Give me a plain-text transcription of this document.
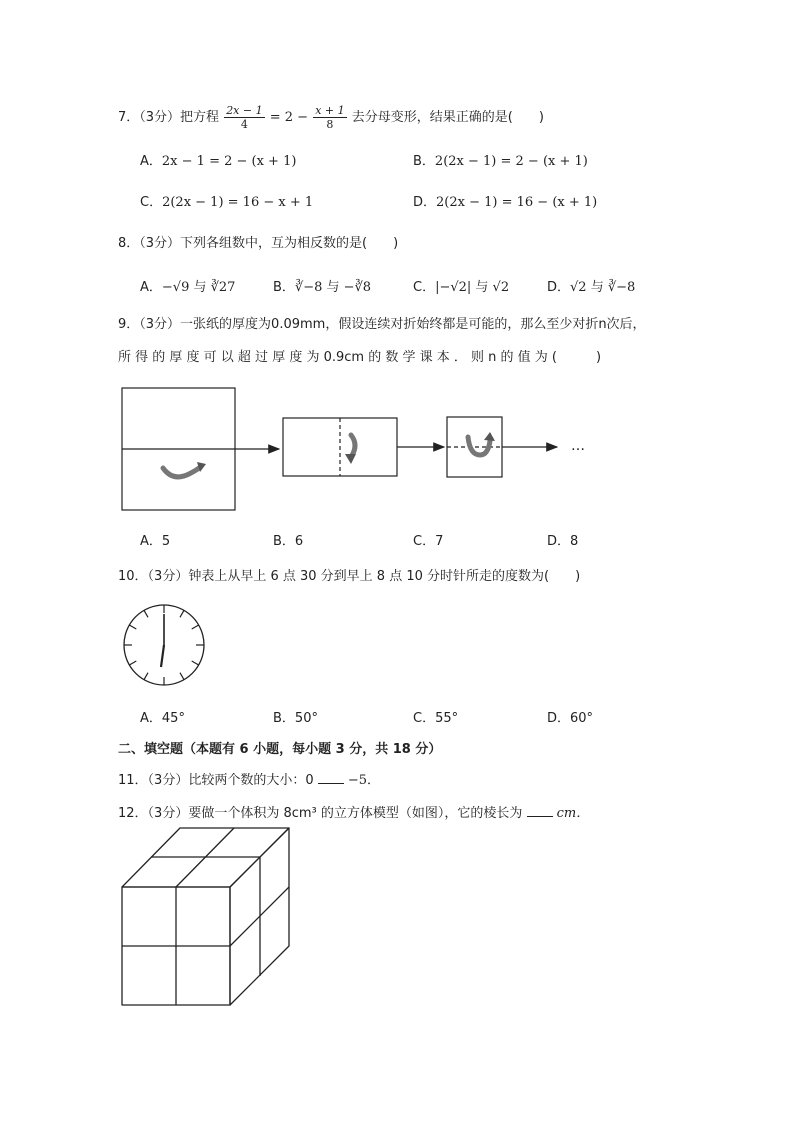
7．（3分）把方程 $\frac{2x - 1}{4} = 2 - \frac{x + 1}{8}$ 去分母变形，结果正确的是(　　)
A．2x − 1 = 2 − (x + 1)	B．2(2x − 1) = 2 − (x + 1)
C．2(2x − 1) = 16 − x + 1	D．2(2x − 1) = 16 − (x + 1)
8．（3分）下列各组数中，互为相反数的是(　　)
A．−√9 与 ∛27	B．∛−8 与 −∛8	C．|−√2| 与 √2	D．√2 与 ∛−8
9．（3分）一张纸的厚度为0.09mm，假设连续对折始终都是可能的，那么至少对折n次后，
所 得 的 厚 度 可 以 超 过 厚 度 为 0.9cm 的 数 学 课 本 ． 则 n 的 值 为 (　　　)
…
A．5	B．6	C．7	D．8
10．（3分）钟表上从早上 6 点 30 分到早上 8 点 10 分时针所走的度数为(　　)
A．45°	B．50°	C．55°	D．60°
二、填空题（本题有 6 小题，每小题 3 分，共 18 分）
11．（3分）比较两个数的大小：0	−5．
12．（3分）要做一个体积为 8cm³ 的立方体模型（如图），它的棱长为	cm．
